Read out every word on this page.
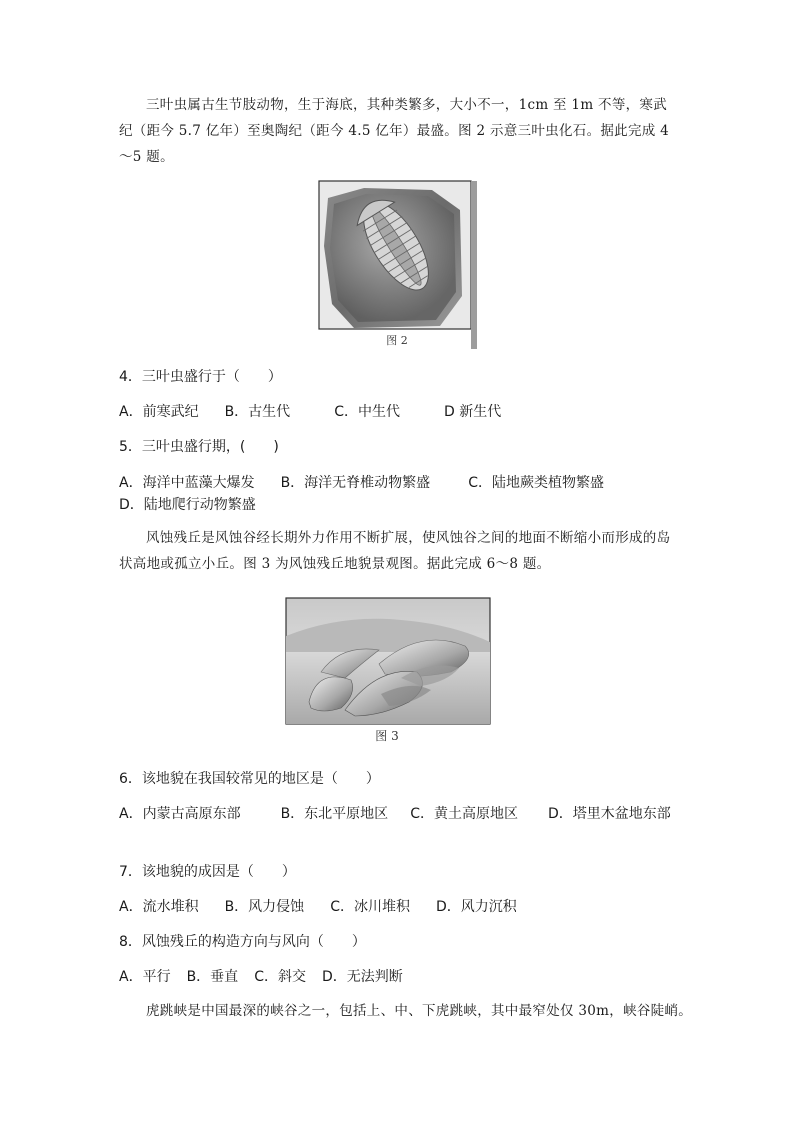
三叶虫属古生节肢动物，生于海底，其种类繁多，大小不一，1cm 至 1m 不等，寒武纪（距今 5.7 亿年）至奥陶纪（距今 4.5 亿年）最盛。图 2 示意三叶虫化石。据此完成 4～5 题。
图 2
4．三叶虫盛行于（　　）
A．前寒武纪 B．古生代	C．中生代	D 新生代
5．三叶虫盛行期，(　　)
A．海洋中蓝藻大爆发 B．海洋无脊椎动物繁盛	C．陆地蕨类植物繁盛D．陆地爬行动物繁盛
风蚀残丘是风蚀谷经长期外力作用不断扩展，使风蚀谷之间的地面不断缩小而形成的岛状高地或孤立小丘。图 3 为风蚀残丘地貌景观图。据此完成 6～8 题。
图 3
6．该地貌在我国较常见的地区是（　　）
A．内蒙古高原东部	B．东北平原地区 C．黄土高原地区 D．塔里木盆地东部
7．该地貌的成因是（　　）
A．流水堆积 B．风力侵蚀 C．冰川堆积 D．风力沉积
8．风蚀残丘的构造方向与风向（　　）
A．平行 B．垂直 C．斜交 D．无法判断
虎跳峡是中国最深的峡谷之一，包括上、中、下虎跳峡，其中最窄处仅 30m，峡谷陡峭。
